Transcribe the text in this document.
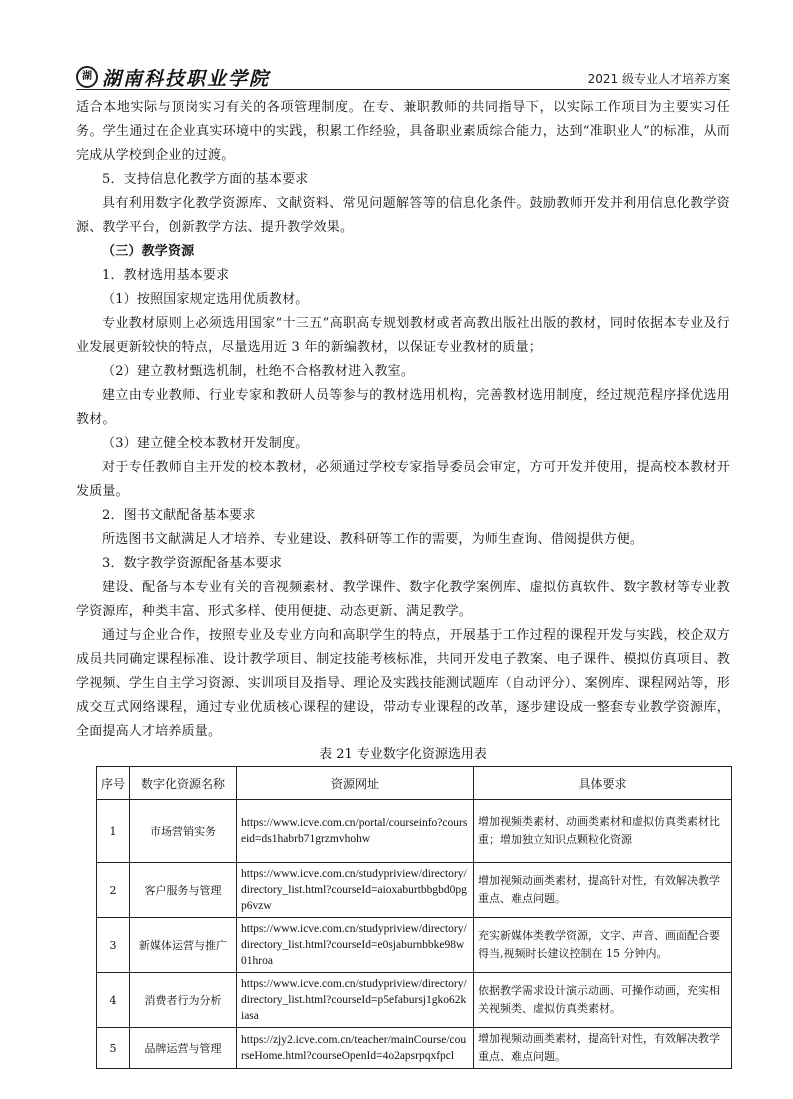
湖 湖南科技职业学院	2021 级专业人才培养方案

适合本地实际与顶岗实习有关的各项管理制度。在专、兼职教师的共同指导下，以实际工作项目为主要实习任务。学生通过在企业真实环境中的实践，积累工作经验，具备职业素质综合能力，达到“准职业人”的标准，从而完成从学校到企业的过渡。

5．支持信息化教学方面的基本要求

具有利用数字化教学资源库、文献资料、常见问题解答等的信息化条件。鼓励教师开发并利用信息化教学资源、教学平台，创新教学方法、提升教学效果。

（三）教学资源

1．教材选用基本要求

（1）按照国家规定选用优质教材。

专业教材原则上必须选用国家“十三五”高职高专规划教材或者高教出版社出版的教材，同时依据本专业及行业发展更新较快的特点，尽量选用近 3 年的新编教材，以保证专业教材的质量；

（2）建立教材甄选机制，杜绝不合格教材进入教室。

建立由专业教师、行业专家和教研人员等参与的教材选用机构，完善教材选用制度，经过规范程序择优选用教材。

（3）建立健全校本教材开发制度。

对于专任教师自主开发的校本教材，必须通过学校专家指导委员会审定，方可开发并使用，提高校本教材开发质量。

2．图书文献配备基本要求

所选图书文献满足人才培养、专业建设、教科研等工作的需要，为师生查询、借阅提供方便。

3．数字教学资源配备基本要求

建设、配备与本专业有关的音视频素材、教学课件、数字化教学案例库、虚拟仿真软件、数字教材等专业教学资源库，种类丰富、形式多样、使用便捷、动态更新、满足教学。

通过与企业合作，按照专业及专业方向和高职学生的特点，开展基于工作过程的课程开发与实践，校企双方成员共同确定课程标准、设计教学项目、制定技能考核标准，共同开发电子教案、电子课件、模拟仿真项目、教学视频、学生自主学习资源、实训项目及指导、理论及实践技能测试题库（自动评分）、案例库、课程网站等，形成交互式网络课程，通过专业优质核心课程的建设，带动专业课程的改革，逐步建设成一整套专业教学资源库，全面提高人才培养质量。

表 21 专业数字化资源选用表
序号	数字化资源名称	资源网址	具体要求
1	市场营销实务	https://www.icve.com.cn/portal/courseinfo?courseid=ds1habrb71grzmvhohw	增加视频类素材、动画类素材和虚拟仿真类素材比重；增加独立知识点颗粒化资源
2	客户服务与管理	https://www.icve.com.cn/studypriview/directory/directory_list.html?courseId=aioxaburtbbgbd0pgp6vzw	增加视频动画类素材，提高针对性，有效解决教学重点、难点问题。
3	新媒体运营与推广	https://www.icve.com.cn/studypriview/directory/directory_list.html?courseId=e0sjaburnbbke98w01hroa	充实新媒体类教学资源，文字、声音、画面配合要得当,视频时长建议控制在 15 分钟内。
4	消费者行为分析	https://www.icve.com.cn/studypriview/directory/directory_list.html?courseId=p5efabursj1gko62kiasa	依据教学需求设计演示动画、可操作动画，充实相关视频类、虚拟仿真类素材。
5	品牌运营与管理	https://zjy2.icve.com.cn/teacher/mainCourse/courseHome.html?courseOpenId=4o2apsrpqxfpcl	增加视频动画类素材，提高针对性，有效解决教学重点、难点问题。
